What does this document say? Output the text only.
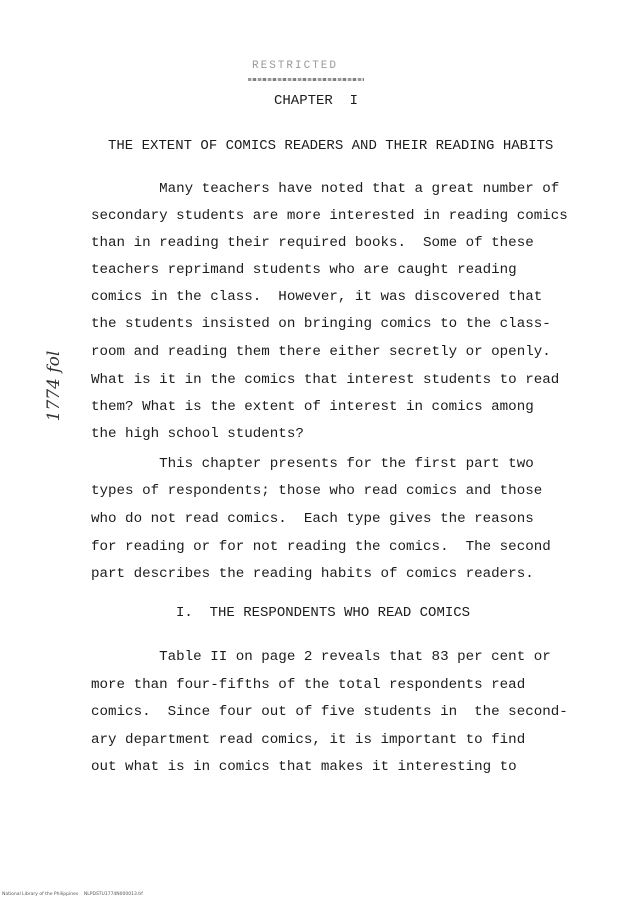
RESTRICTED
CHAPTER  I
THE EXTENT OF COMICS READERS AND THEIR READING HABITS
Many teachers have noted that a great number of
secondary students are more interested in reading comics
than in reading their required books.  Some of these
teachers reprimand students who are caught reading
comics in the class.  However, it was discovered that
the students insisted on bringing comics to the class-
room and reading them there either secretly or openly.
What is it in the comics that interest students to read
them? What is the extent of interest in comics among
the high school students?
This chapter presents for the first part two
types of respondents; those who read comics and those
who do not read comics.  Each type gives the reasons
for reading or for not reading the comics.  The second
part describes the reading habits of comics readers.
I.  THE RESPONDENTS WHO READ COMICS
Table II on page 2 reveals that 83 per cent or
more than four-fifths of the total respondents read
comics.  Since four out of five students in  the second-
ary department read comics, it is important to find
out what is in comics that makes it interesting to
1774 fol
National Library of the Philippines    NLPDSTU1774N000013.tif
